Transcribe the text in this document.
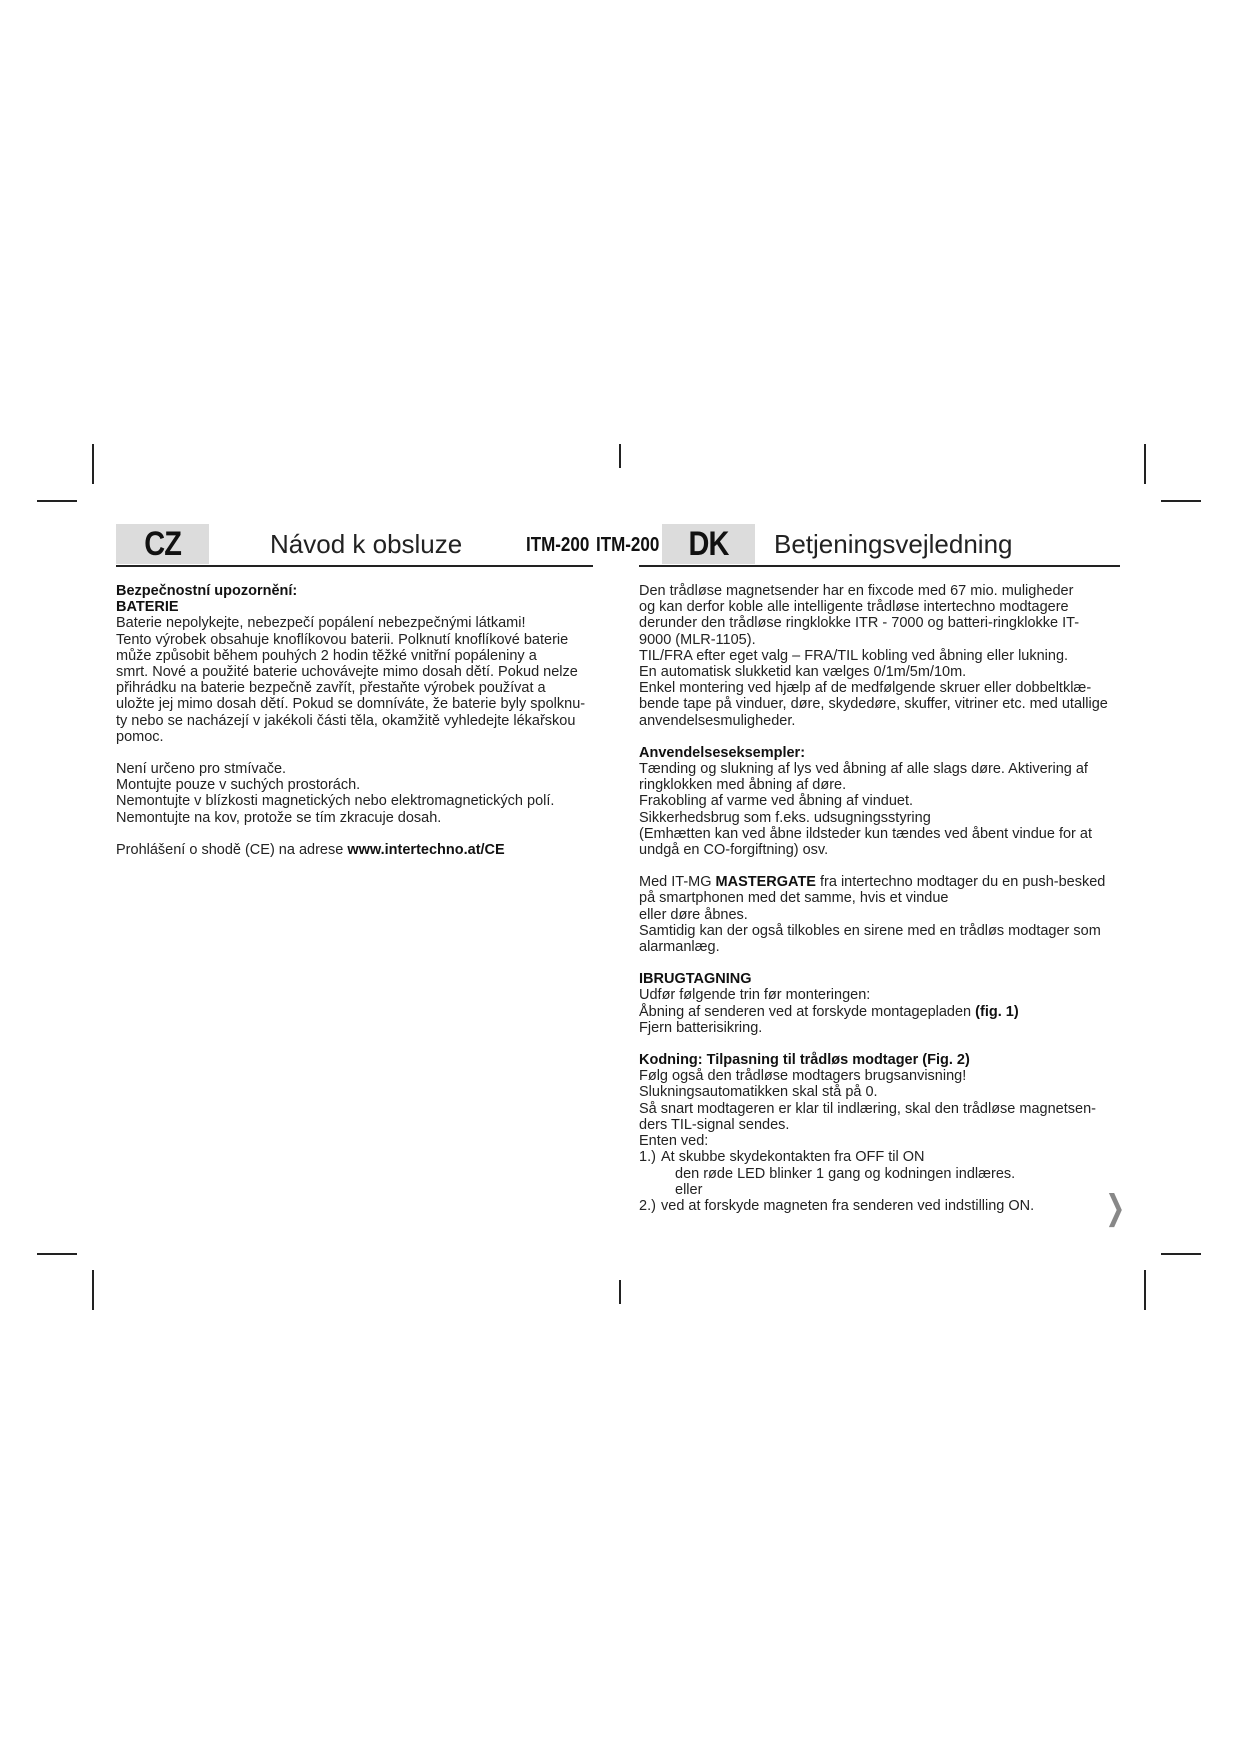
CZ	Návod k obsluze	ITM-200 ITM-200 DK Betjeningsvejledning

Bezpečnostní upozornění:

BATERIE

Baterie nepolykejte, nebezpečí popálení nebezpečnými látkami!

Tento výrobek obsahuje knoflíkovou baterii. Polknutí knoflíkové baterie

může způsobit během pouhých 2 hodin těžké vnitřní popáleniny a

smrt. Nové a použité baterie uchovávejte mimo dosah dětí. Pokud nelze

přihrádku na baterie bezpečně zavřít, přestaňte výrobek používat a

uložte jej mimo dosah dětí. Pokud se domníváte, že baterie byly spolknu-

ty nebo se nacházejí v jakékoli části těla, okamžitě vyhledejte lékařskou

pomoc.

Není určeno pro stmívače.

Montujte pouze v suchých prostorách.

Nemontujte v blízkosti magnetických nebo elektromagnetických polí.

Nemontujte na kov, protože se tím zkracuje dosah.

Prohlášení o shodě (CE) na adrese www.intertechno.at/CE

Den trådløse magnetsender har en fixcode med 67 mio. muligheder

og kan derfor koble alle intelligente trådløse intertechno modtagere

derunder den trådløse ringklokke ITR - 7000 og batteri-ringklokke IT-

9000 (MLR-1105).

TIL/FRA efter eget valg – FRA/TIL kobling ved åbning eller lukning.

En automatisk slukketid kan vælges 0/1m/5m/10m.

Enkel montering ved hjælp af de medfølgende skruer eller dobbeltklæ-

bende tape på vinduer, døre, skydedøre, skuffer, vitriner etc. med utallige

anvendelsesmuligheder.

Anvendelseseksempler:

Tænding og slukning af lys ved åbning af alle slags døre. Aktivering af

ringklokken med åbning af døre.

Frakobling af varme ved åbning af vinduet.

Sikkerhedsbrug som f.eks. udsugningsstyring

(Emhætten kan ved åbne ildsteder kun tændes ved åbent vindue for at

undgå en CO-forgiftning) osv.

Med IT-MG MASTERGATE fra intertechno modtager du en push-besked

på smartphonen med det samme, hvis et vindue

eller døre åbnes.

Samtidig kan der også tilkobles en sirene med en trådløs modtager som

alarmanlæg.

IBRUGTAGNING

Udfør følgende trin før monteringen:

Åbning af senderen ved at forskyde montagepladen (fig. 1)

Fjern batterisikring.

Kodning: Tilpasning til trådløs modtager (Fig. 2)

Følg også den trådløse modtagers brugsanvisning!

Slukningsautomatikken skal stå på 0.

Så snart modtageren er klar til indlæring, skal den trådløse magnetsen-

ders TIL-signal sendes.

Enten ved:

1.) At skubbe skydekontakten fra OFF til ON

den røde LED blinker 1 gang og kodningen indlæres.

eller

2.) ved at forskyde magneten fra senderen ved indstilling ON.	❯
